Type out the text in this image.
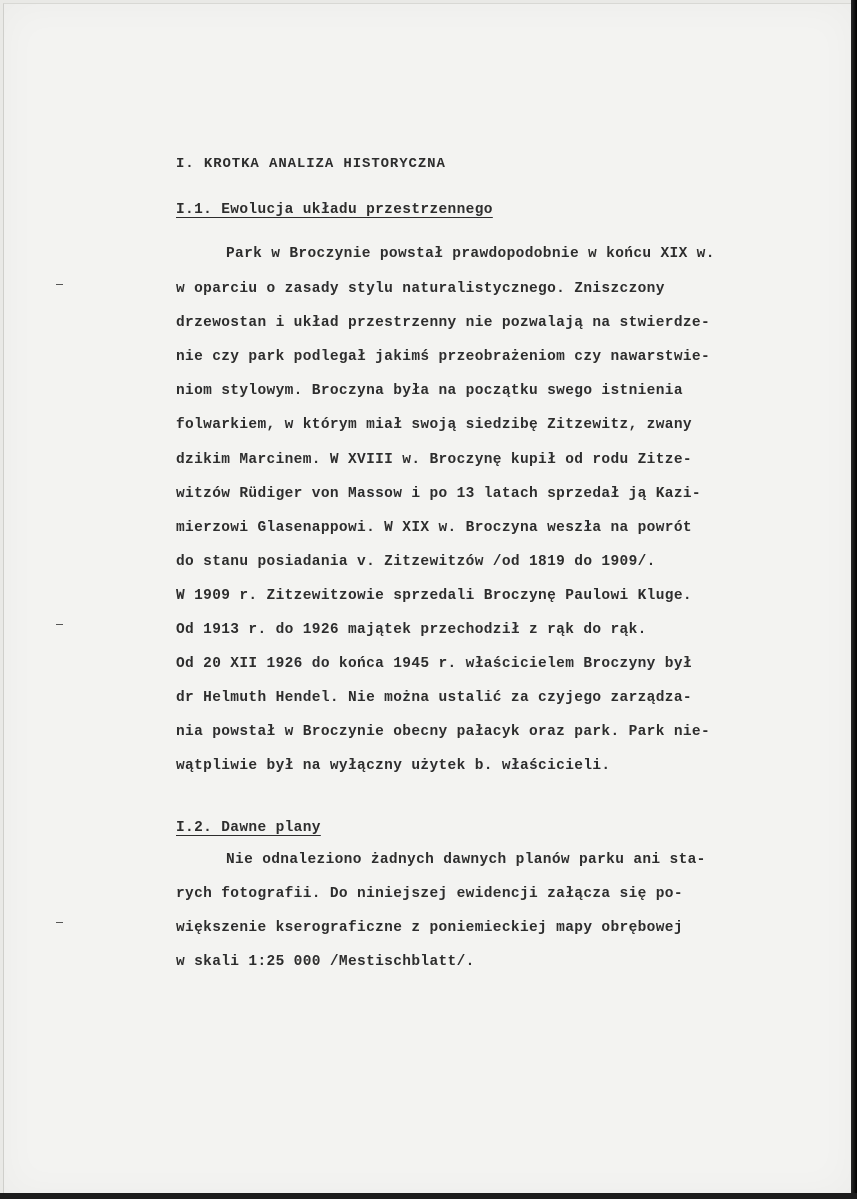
I. KROTKA ANALIZA HISTORYCZNA
I.1. Ewolucja układu przestrzennego
Park w Broczynie powstał prawdopodobnie w końcu XIX w.
w oparciu o zasady stylu naturalistycznego. Zniszczony
drzewostan i układ przestrzenny nie pozwalają na stwierdze-
nie czy park podlegał jakimś przeobrażeniom czy nawarstwie-
niom stylowym. Broczyna była na początku swego istnienia
folwarkiem, w którym miał swoją siedzibę Zitzewitz, zwany
dzikim Marcinem. W XVIII w. Broczynę kupił od rodu Zitze-
witzów Rüdiger von Massow i po 13 latach sprzedał ją Kazi-
mierzowi Glasenappowi. W XIX w. Broczyna weszła na powrót
do stanu posiadania v. Zitzewitzów /od 1819 do 1909/.
W 1909 r. Zitzewitzowie sprzedali Broczynę Paulowi Kluge.
Od 1913 r. do 1926 majątek przechodził z rąk do rąk.
Od 20 XII 1926 do końca 1945 r. właścicielem Broczyny był
dr Helmuth Hendel. Nie można ustalić za czyjego zarządza-
nia powstał w Broczynie obecny pałacyk oraz park. Park nie-
wątpliwie był na wyłączny użytek b. właścicieli.
I.2. Dawne plany
Nie odnaleziono żadnych dawnych planów parku ani sta-
rych fotografii. Do niniejszej ewidencji załącza się po-
większenie kserograficzne z poniemieckiej mapy obrębowej
w skali 1:25 000 /Mestischblatt/.
